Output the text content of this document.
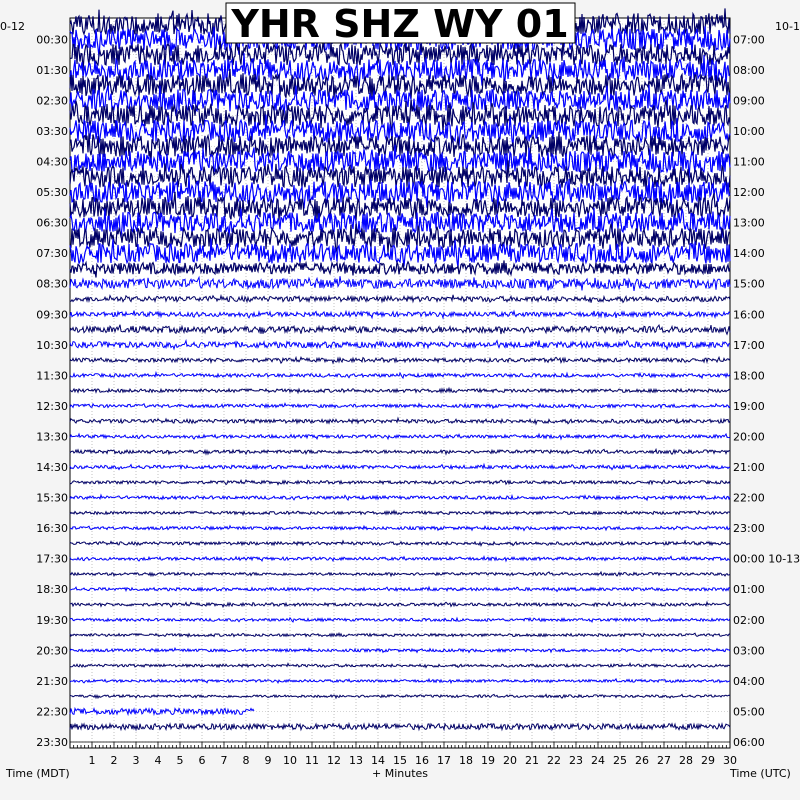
00:30
01:30
02:30
03:30
04:30
05:30
06:30
07:30
08:30
09:30
10:30
11:30
12:30
13:30
14:30
15:30
16:30
17:30
18:30
19:30
20:30
21:30
22:30
23:30
07:00
08:00
09:00
10:00
11:00
12:00
13:00
14:00
15:00
16:00
17:00
18:00
19:00
20:00
21:00
22:00
23:00
00:00 10-13
01:00
02:00
03:00
04:00
05:00
06:00
1 2 3 4 5 6 7 8 9 10 11 12 13 14 15 16 17 18 19 20 21 22 23 24 25 26 27 28 29 30
0-12	10-1
YHR SHZ WY 01
+ Minutes
Time (MDT)	Time (UTC)
